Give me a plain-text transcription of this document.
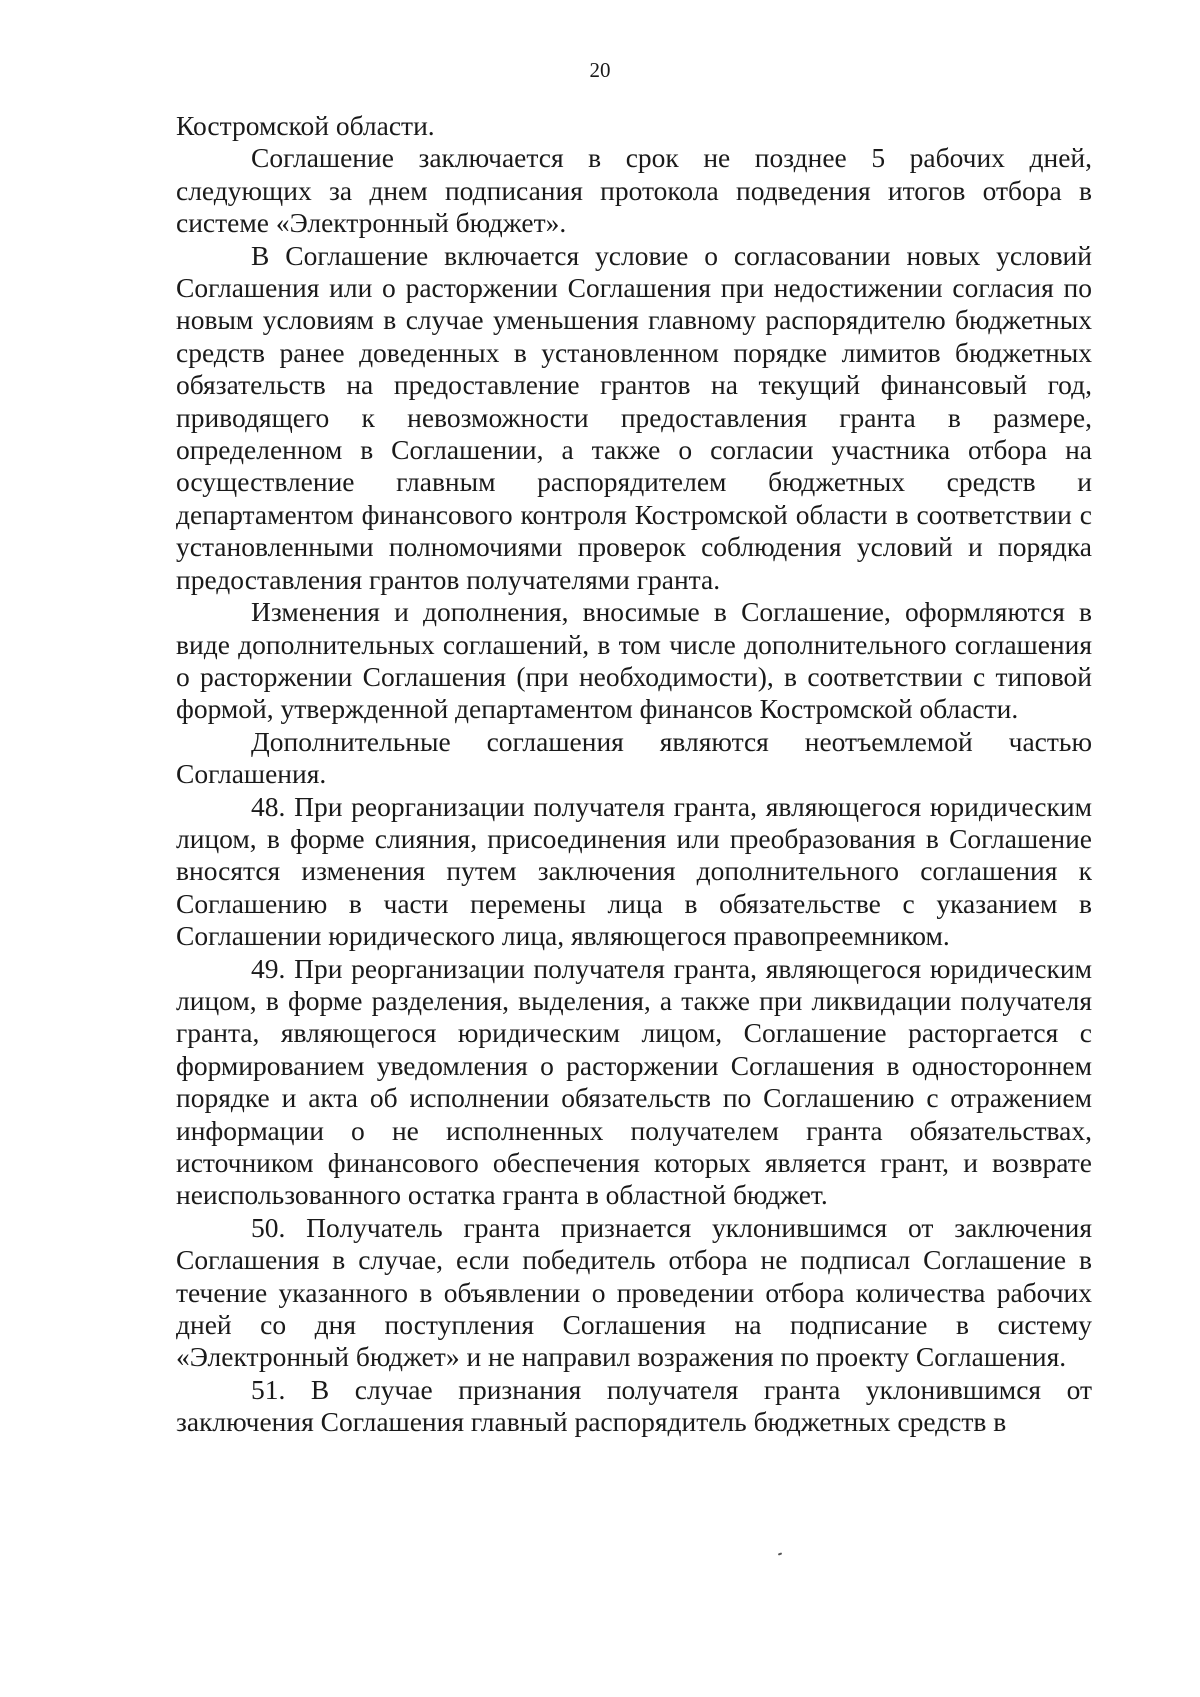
20

Костромской области.

Соглашение заключается в срок не позднее 5 рабочих дней, следующих за днем подписания протокола подведения итогов отбора в системе «Электронный бюджет».

В Соглашение включается условие о согласовании новых условий Соглашения или о расторжении Соглашения при недостижении согласия по новым условиям в случае уменьшения главному распорядителю бюджетных средств ранее доведенных в установленном порядке лимитов бюджетных обязательств на предоставление грантов на текущий финансовый год, приводящего к невозможности предоставления гранта в размере, определенном в Соглашении, а также о согласии участника отбора на осуществление главным распорядителем бюджетных средств и департаментом финансового контроля Костромской области в соответствии с установленными полномочиями проверок соблюдения условий и порядка предоставления грантов получателями гранта.

Изменения и дополнения, вносимые в Соглашение, оформляются в виде дополнительных соглашений, в том числе дополнительного соглашения о расторжении Соглашения (при необходимости), в соответствии с типовой формой, утвержденной департаментом финансов Костромской области.

Дополнительные соглашения являются неотъемлемой частью Соглашения.

48. При реорганизации получателя гранта, являющегося юридическим лицом, в форме слияния, присоединения или преобразования в Соглашение вносятся изменения путем заключения дополнительного соглашения к Соглашению в части перемены лица в обязательстве с указанием в Соглашении юридического лица, являющегося правопреемником.

49. При реорганизации получателя гранта, являющегося юридическим лицом, в форме разделения, выделения, а также при ликвидации получателя гранта, являющегося юридическим лицом, Соглашение расторгается с формированием уведомления о расторжении Соглашения в одностороннем порядке и акта об исполнении обязательств по Соглашению с отражением информации о не исполненных получателем гранта обязательствах, источником финансового обеспечения которых является грант, и возврате неиспользованного остатка гранта в областной бюджет.

50. Получатель гранта признается уклонившимся от заключения Соглашения в случае, если победитель отбора не подписал Соглашение в течение указанного в объявлении о проведении отбора количества рабочих дней со дня поступления Соглашения на подписание в систему «Электронный бюджет» и не направил возражения по проекту Соглашения.

51. В случае признания получателя гранта уклонившимся от заключения Соглашения главный распорядитель бюджетных средств в
